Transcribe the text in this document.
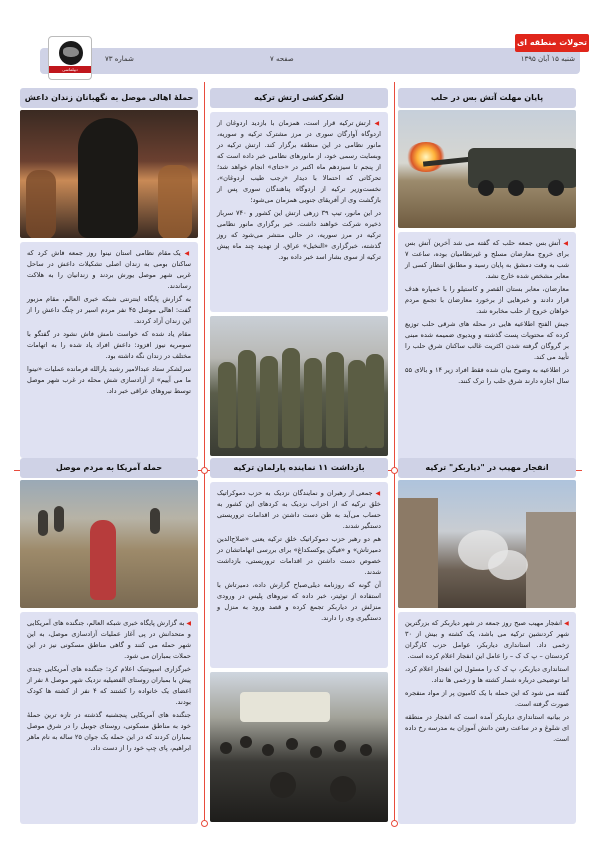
تحولات منطقه ای
شنبه ۱۵ آبان ۱۳۹۵
صفحه ۷
شماره ۷۳
دیپلماسی
پایان مهلت آتش بس در حلب

◀ آتش بس جمعه حلب که گفته می شد آخرین آتش بس برای خروج معارضان مسلح و غیرنظامیان بوده، ساعت ۷ شب به وقت دمشق به پایان رسید و مطابق انتظار کسی از معابر مشخص شده خارج نشد.

معارضان، معابر بستان القصر و کاستیلو را با خمپاره هدف قرار دادند و خبرهایی از برخورد معارضان با تجمع مردم خواهان خروج از حلب مخابره شد.

جیش الفتح اطلاعیه هایی در محله های شرقی حلب توزیع کرده که محتویات پست گذشته و ویدیوی ضمیمه شده مبنی بر گروگان گرفته شدن اکثریت غالب ساکنان شرق حلب را تأیید می کند.

در اطلاعیه به وضوح بیان شده فقط افراد زیر ۱۴ و بالای ۵۵ سال اجازه دارند شرق حلب را ترک کنند.

لشکرکشی ارتش ترکیه

◀ ارتش ترکیه قرار است، همزمان با بازدید اردوغان از اردوگاه آوارگان سوری در مرز مشترک ترکیه و سوریه، مانور نظامی در این منطقه برگزار کند. ارتش ترکیه در وبسایت رسمی خود، از مانورهای نظامی خبر داده است که از پنجم تا سیزدهم ماه اکتبر در «حتای» انجام خواهد شد؛ تحرکاتی که احتمالا با دیدار «رجب طیب اردوغان»، نخست‌وزیر ترکیه از اردوگاه پناهندگان سوری پس از بازگشت وی از آفریقای جنوبی همزمان می‌شود؛

در این مانور، تیپ ۳۹ زرهی ارتش این کشور و ۷۴۰ سرباز ذخیره شرکت خواهند داشت. خبر برگزاری مانور نظامی ترکیه در مرز سوریه، در حالی منتشر می‌شود که روز گذشته، خبرگزاری «النخیل» عراق، از تهدید چند ماه پیش ترکیه از سوی بشار اسد خبر داده بود.

حملهٔ اهالی موصل به نگهبانان زندان داعش

◀ یک مقام نظامی استان نینوا روز جمعه فاش کرد که ساکنان بومی به زندان اصلی تشکیلات داعش در ساحل غربی شهر موصل یورش بردند و زندانیان را به هلاکت رساندند.

به گزارش پایگاه اینترنتی شبکه خبری العالم، مقام مزبور گفت: اهالی موصل ۴۵ نفر مردم اسیر در چنگ داعش را از این زندان آزاد کردند.

مقام یاد شده که خواست نامش فاش نشود در گفتگو با سومریه نیوز افزود: داعش افراد یاد شده را به اتهامات مختلف در زندان نگه داشته بود.

سرلشکر ستاد عبدالامیر رشید یارالله فرمانده عملیات «نینوا ما می آییم» از آزادسازی شش محله در غرب شهر موصل توسط نیروهای عراقی خبر داد.

انفجار مهیب در "دیاربکر" ترکیه

◀ انفجار مهیب صبح روز جمعه در شهر دیاربکر که بزرگترین شهر کردنشین ترکیه می باشد، یک کشته و بیش از ۳۰ زخمی داد. استانداری دیاربکر، عوامل حزب کارگران کردستان – پ ک ک – را عامل این انفجار اعلام کرده است.

استانداری دیاربکر، پ ک ک را مسئول این انفجار اعلام کرد، اما توضیحی درباره شمار کشته ها و زخمی ها نداد.

گفته می شود که این حمله با یک کامیون پر از مواد منفجره صورت گرفته است.

در بیانیه استانداری دیاربکر آمده است که انفجار در منطقه ای شلوغ و در ساعت رفتن دانش آموزان به مدرسه رخ داده است.

بازداشت ۱۱ نماینده پارلمان ترکیه

◀ جمعی از رهبران و نمایندگان نزدیک به حزب دموکراتیک خلق ترکیه که از احزاب نزدیک به کردهای این کشور به حساب می‌آید به ظن دست داشتن در اقدامات تروریستی دستگیر شدند.

هم دو رهبر حزب دموکراتیک خلق ترکیه یعنی «صلاح‌الدین دمیرتاش» و «فیگن یوکسکداغ» برای بررسی اتهاماتشان در خصوص دست داشتن در اقدامات تروریستی، بازداشت شدند.

آن گونه که روزنامه دیلی‌صباح گزارش داده، دمیرتاش با استفاده از توئیتر، خبر داده که نیروهای پلیس در ورودی منزلش در دیاربکر تجمع کرده و قصد ورود به منزل و دستگیری وی را دارند.

حمله آمریکا به مردم موصل

◀ به گزارش پایگاه خبری شبکه العالم، جنگنده های آمریکایی و متحدانش در پی آغاز عملیات آزادسازی موصل، به این شهر حمله می کنند و گاهی مناطق مسکونی نیز در این حملات بمباران می شود.

خبرگزاری اسپوتنیک اعلام کرد: جنگنده های آمریکایی چندی پیش با بمباران روستای الفضیلیه نزدیک شهر موصل ۸ نفر از اعضای یک خانواده را کشتند که ۴ نفر از کشته ها کودک بودند.

جنگنده های آمریکایی پنجشنبه گذشته در تازه ترین حملهٔ خود به مناطق مسکونی، روستای جوبیل را در شرق موصل بمباران کردند که در این حمله یک جوان ۲۵ ساله به نام ماهر ابراهیم، پای چپ خود را از دست داد.
